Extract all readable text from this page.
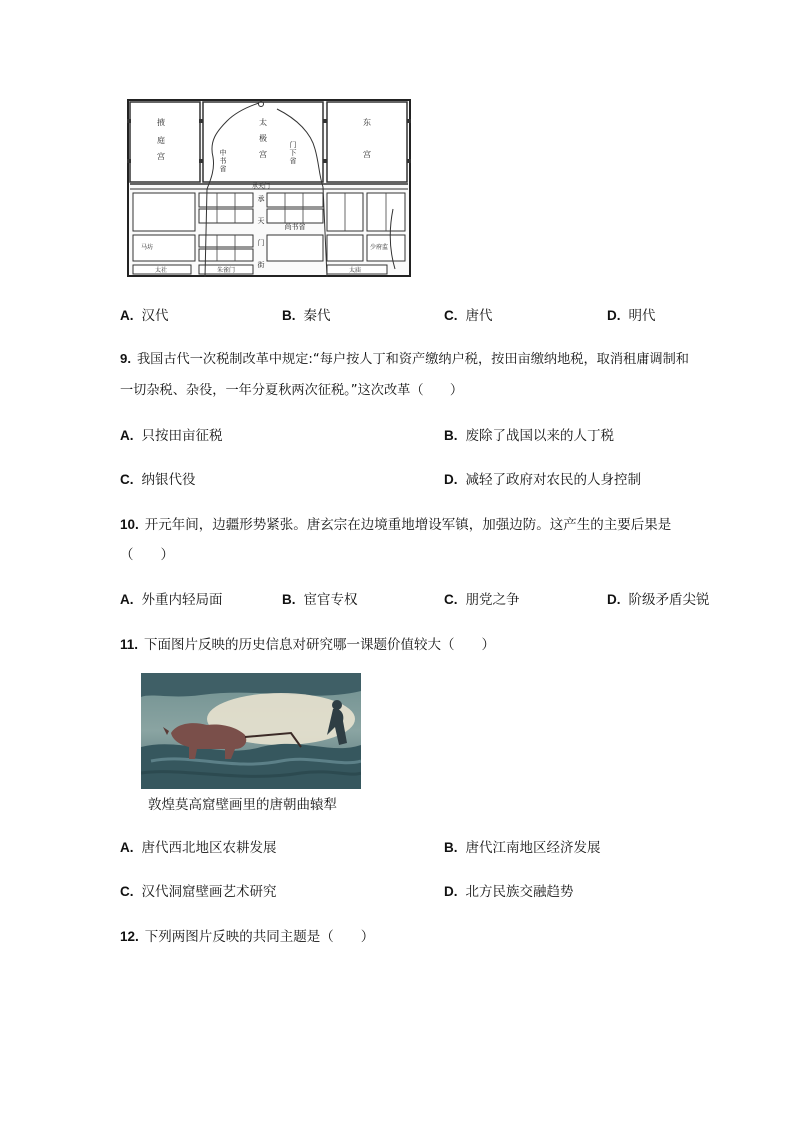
掖
庭
宫
太
极
宫
东
宫
中
书
省
门
下
省
承天门
承
天
门
街
尚书省
马坊	少府监
太社	朱雀门	太庙
A. 汉代	B. 秦代	C. 唐代	D. 明代
9. 我国古代一次税制改革中规定:“每户按人丁和资产缴纳户税，按田亩缴纳地税，取消租庸调制和
一切杂税、杂役，一年分夏秋两次征税。”这次改革（　　）
A. 只按田亩征税	B. 废除了战国以来的人丁税
C. 纳银代役	D. 减轻了政府对农民的人身控制
10. 开元年间，边疆形势紧张。唐玄宗在边境重地增设军镇，加强边防。这产生的主要后果是
（　　）
A. 外重内轻局面	B. 宦官专权	C. 朋党之争	D. 阶级矛盾尖锐
11. 下面图片反映的历史信息对研究哪一课题价值较大（　　）
敦煌莫高窟壁画里的唐朝曲辕犁
A. 唐代西北地区农耕发展	B. 唐代江南地区经济发展
C. 汉代洞窟壁画艺术研究	D. 北方民族交融趋势
12. 下列两图片反映的共同主题是（　　）
